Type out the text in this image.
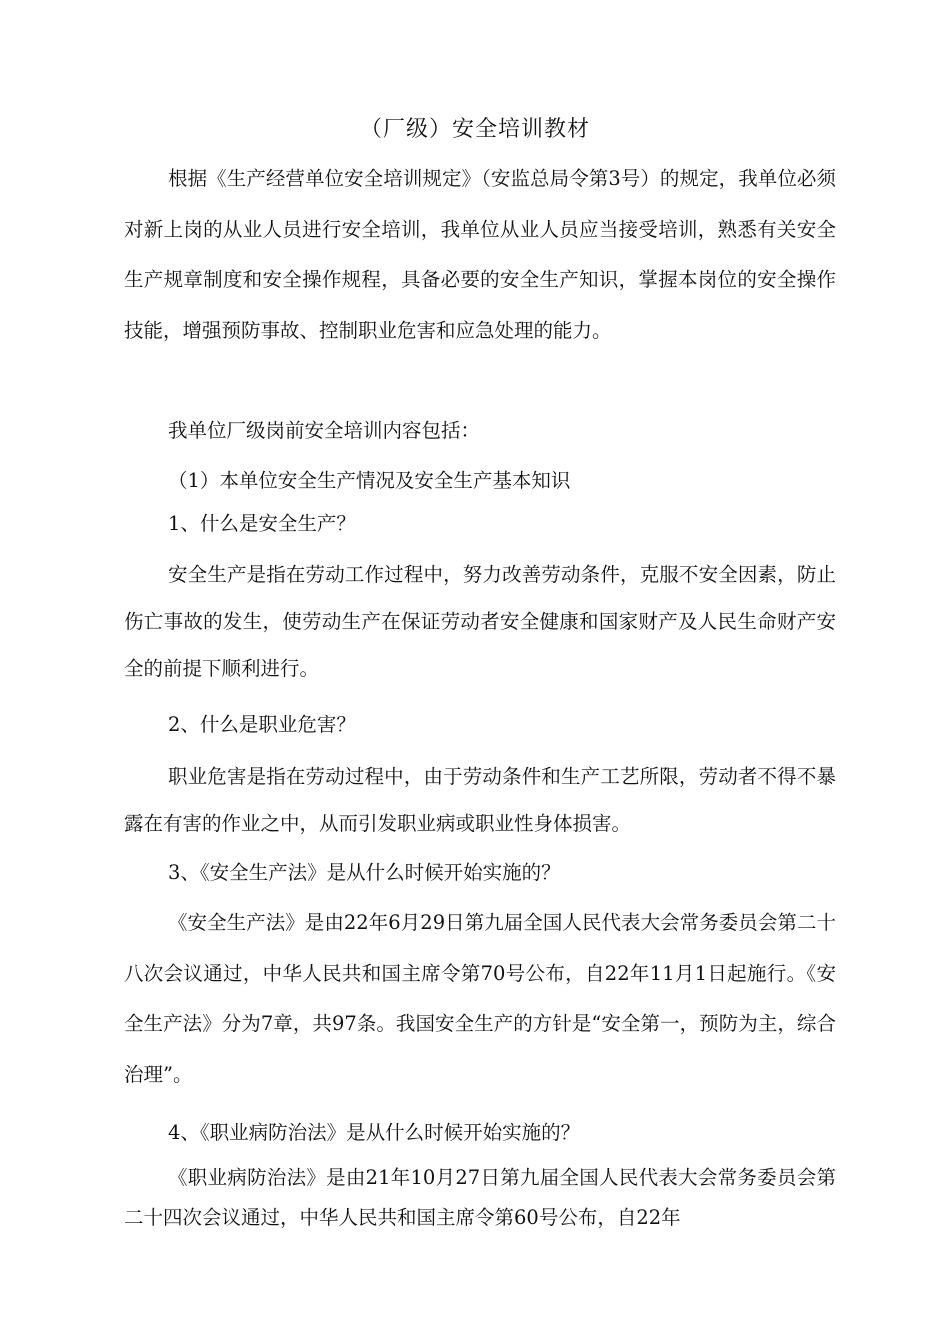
（厂级）安全培训教材
根据《生产经营单位安全培训规定》（安监总局令第3号）的规定，我单位必须对新上岗的从业人员进行安全培训，我单位从业人员应当接受培训，熟悉有关安全生产规章制度和安全操作规程，具备必要的安全生产知识，掌握本岗位的安全操作技能，增强预防事故、控制职业危害和应急处理的能力。
我单位厂级岗前安全培训内容包括：
（1）本单位安全生产情况及安全生产基本知识
1、什么是安全生产？
安全生产是指在劳动工作过程中，努力改善劳动条件，克服不安全因素，防止伤亡事故的发生，使劳动生产在保证劳动者安全健康和国家财产及人民生命财产安全的前提下顺利进行。
2、什么是职业危害？
职业危害是指在劳动过程中，由于劳动条件和生产工艺所限，劳动者不得不暴露在有害的作业之中，从而引发职业病或职业性身体损害。
3、《安全生产法》是从什么时候开始实施的？
《安全生产法》是由22年6月29日第九届全国人民代表大会常务委员会第二十八次会议通过，中华人民共和国主席令第70号公布，自22年11月1日起施行。《安全生产法》分为7章，共97条。我国安全生产的方针是“安全第一，预防为主，综合治理”。
4、《职业病防治法》是从什么时候开始实施的？
《职业病防治法》是由21年10月27日第九届全国人民代表大会常务委员会第二十四次会议通过，中华人民共和国主席令第60号公布，自22年
